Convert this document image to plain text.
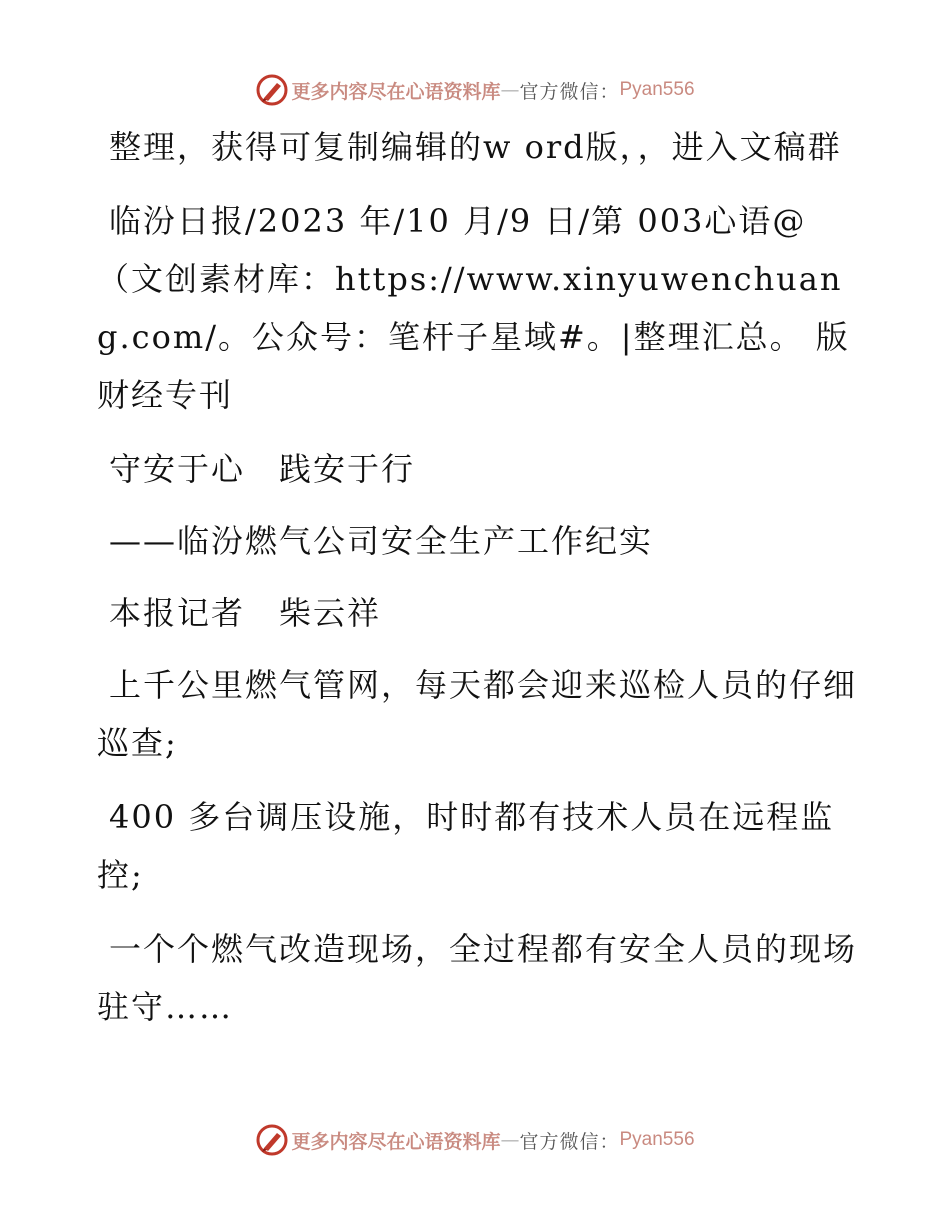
更多内容尽在心语资料库 — 官方微信： Pyan556

整理，获得可复制编辑的w ord版，，进入文稿群

临汾日报/2023 年/10 月/9 日/第 003心语@（文创素材库：https://www.xinyuwenchuang.com/。公众号：笔杆子星域#。|整理汇总。 版财经专刊

守安于心　践安于行

——临汾燃气公司安全生产工作纪实

本报记者　柴云祥

上千公里燃气管网，每天都会迎来巡检人员的仔细巡查;

400 多台调压设施，时时都有技术人员在远程监控;

一个个燃气改造现场，全过程都有安全人员的现场驻守……

更多内容尽在心语资料库 — 官方微信： Pyan556
